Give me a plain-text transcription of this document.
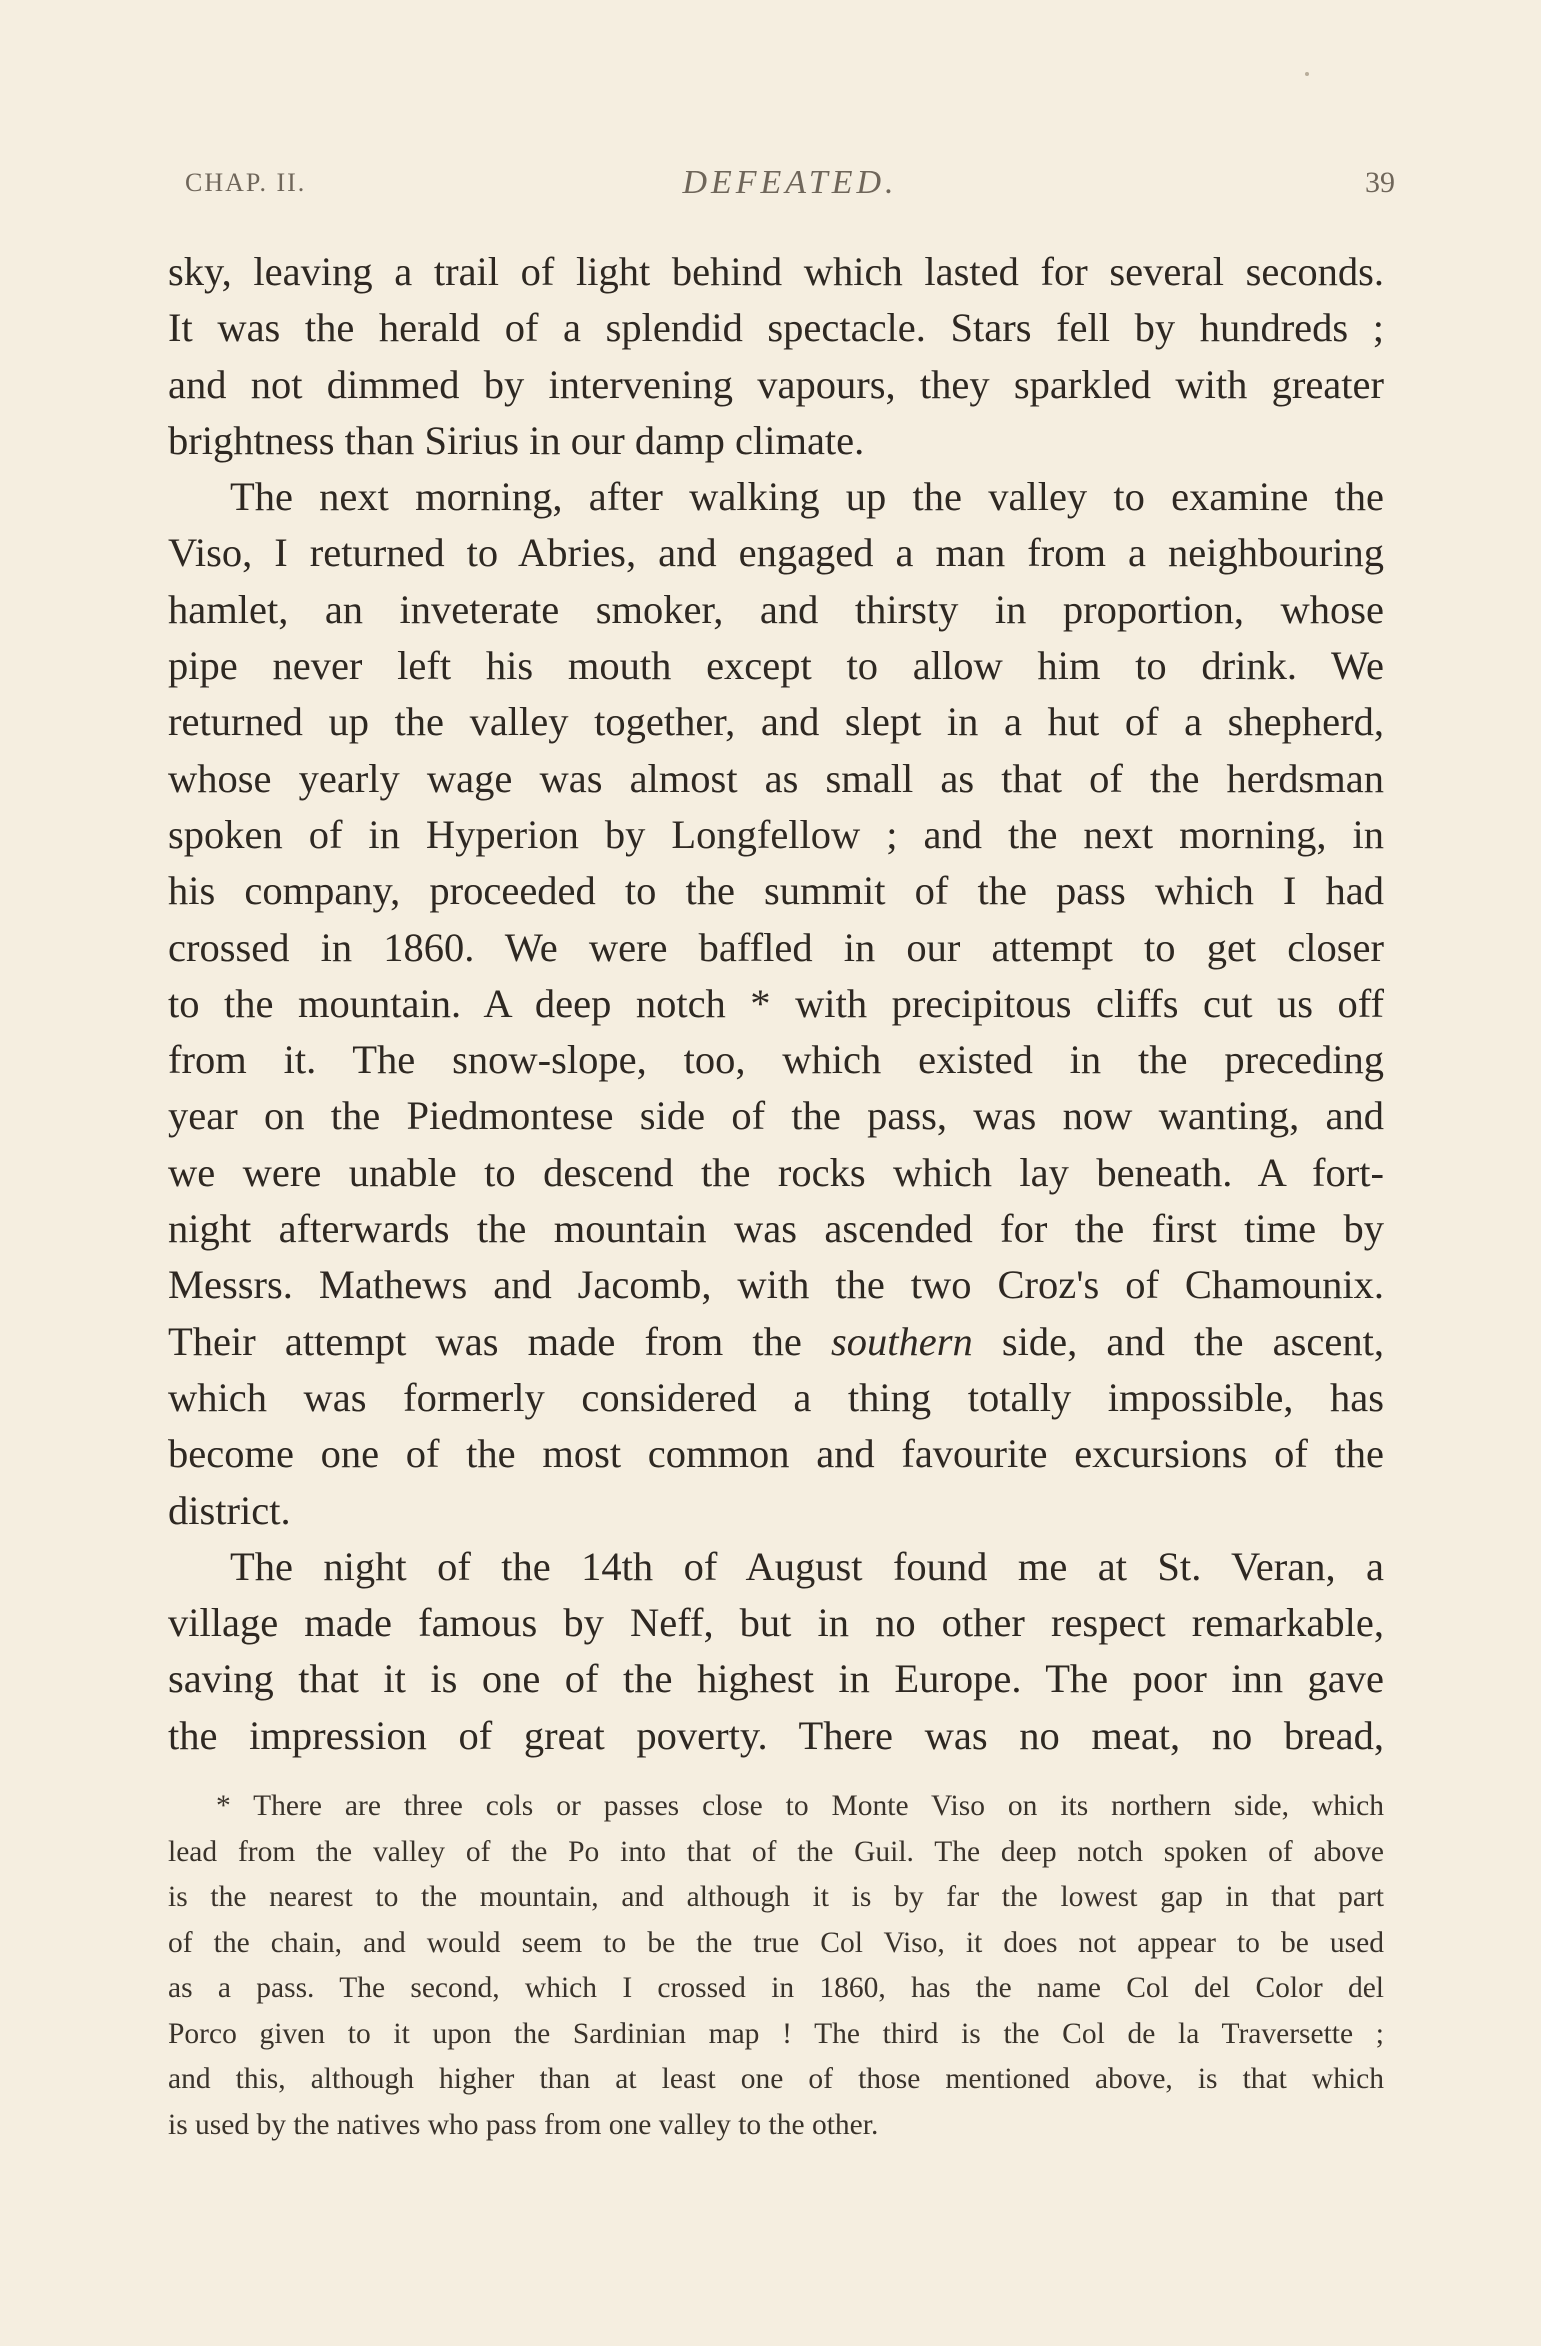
CHAP. II.	DEFEATED.	39
sky, leaving a trail of light behind which lasted for several seconds.
It was the herald of a splendid spectacle. Stars fell by hundreds ;
and not dimmed by intervening vapours, they sparkled with greater
brightness than Sirius in our damp climate.
The next morning, after walking up the valley to examine the
Viso, I returned to Abries, and engaged a man from a neighbouring
hamlet, an inveterate smoker, and thirsty in proportion, whose
pipe never left his mouth except to allow him to drink. We
returned up the valley together, and slept in a hut of a shepherd,
whose yearly wage was almost as small as that of the herdsman
spoken of in Hyperion by Longfellow ; and the next morning, in
his company, proceeded to the summit of the pass which I had
crossed in 1860. We were baffled in our attempt to get closer
to the mountain. A deep notch * with precipitous cliffs cut us off
from it. The snow-slope, too, which existed in the preceding
year on the Piedmontese side of the pass, was now wanting, and
we were unable to descend the rocks which lay beneath. A fort-
night afterwards the mountain was ascended for the first time by
Messrs. Mathews and Jacomb, with the two Croz's of Chamounix.
Their attempt was made from the southern side, and the ascent,
which was formerly considered a thing totally impossible, has
become one of the most common and favourite excursions of the
district.
The night of the 14th of August found me at St. Veran, a
village made famous by Neff, but in no other respect remarkable,
saving that it is one of the highest in Europe. The poor inn gave
the impression of great poverty. There was no meat, no bread,
* There are three cols or passes close to Monte Viso on its northern side, which
lead from the valley of the Po into that of the Guil. The deep notch spoken of above
is the nearest to the mountain, and although it is by far the lowest gap in that part
of the chain, and would seem to be the true Col Viso, it does not appear to be used
as a pass. The second, which I crossed in 1860, has the name Col del Color del
Porco given to it upon the Sardinian map ! The third is the Col de la Traversette ;
and this, although higher than at least one of those mentioned above, is that which
is used by the natives who pass from one valley to the other.
